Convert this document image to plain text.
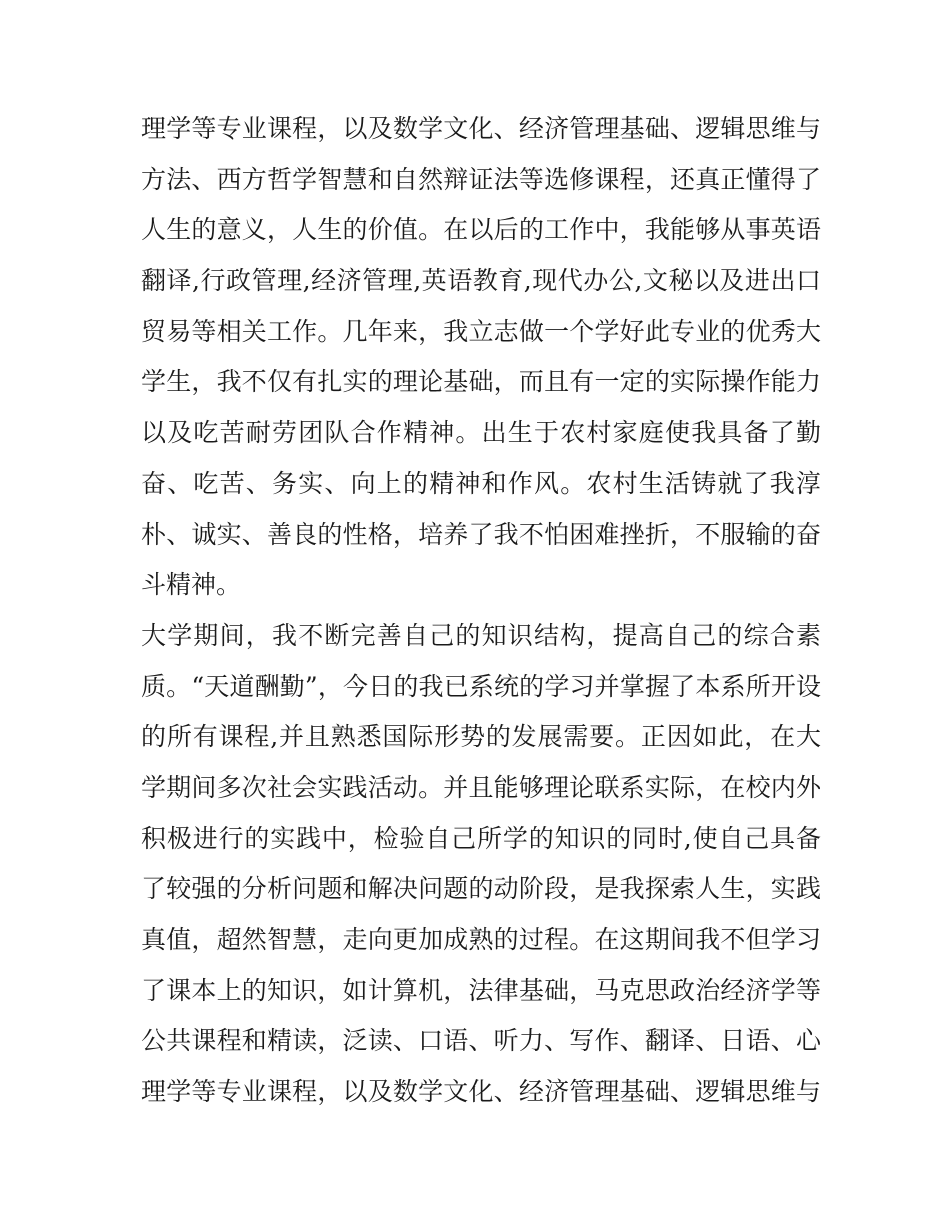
理学等专业课程，以及数学文化、经济管理基础、逻辑思维与
方法、西方哲学智慧和自然辩证法等选修课程，还真正懂得了
人生的意义，人生的价值。在以后的工作中，我能够从事英语
翻译,行政管理,经济管理,英语教育,现代办公,文秘以及进出口
贸易等相关工作。几年来，我立志做一个学好此专业的优秀大
学生，我不仅有扎实的理论基础，而且有一定的实际操作能力
以及吃苦耐劳团队合作精神。出生于农村家庭使我具备了勤
奋、吃苦、务实、向上的精神和作风。农村生活铸就了我淳
朴、诚实、善良的性格，培养了我不怕困难挫折，不服输的奋
斗精神。
大学期间，我不断完善自己的知识结构，提高自己的综合素
质。“天道酬勤”，今日的我已系统的学习并掌握了本系所开设
的所有课程,并且熟悉国际形势的发展需要。正因如此，在大
学期间多次社会实践活动。并且能够理论联系实际，在校内外
积极进行的实践中，检验自己所学的知识的同时,使自己具备
了较强的分析问题和解决问题的动阶段，是我探索人生，实践
真值，超然智慧，走向更加成熟的过程。在这期间我不但学习
了课本上的知识，如计算机，法律基础，马克思政治经济学等
公共课程和精读，泛读、口语、听力、写作、翻译、日语、心
理学等专业课程，以及数学文化、经济管理基础、逻辑思维与
